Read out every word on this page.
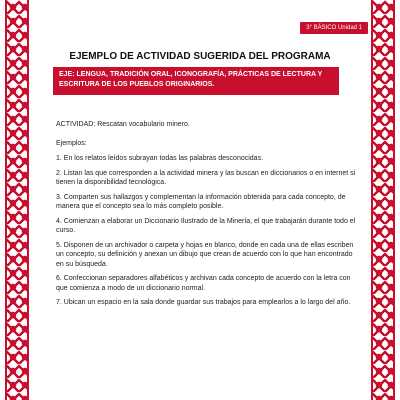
3° BÁSICO Unidad 1
EJEMPLO DE ACTIVIDAD SUGERIDA DEL PROGRAMA
EJE: LENGUA, TRADICIÓN ORAL, ICONOGRAFÍA, PRÁCTICAS DE LECTURA Y ESCRITURA DE LOS PUEBLOS ORIGINARIOS.

ACTIVIDAD: Rescatan vocabulario minero.

Ejemplos:

1. En los relatos leídos subrayan todas las palabras desconocidas.

2. Listan las que corresponden a la actividad minera y las buscan en diccionarios o en internet si tienen la disponibilidad tecnológica.

3. Comparten sus hallazgos y complementan la información obtenida para cada concepto, de manera que el concepto sea lo más completo posible.

4. Comienzan a elaborar un Diccionario Ilustrado de la Minería, el que trabajarán durante todo el curso.

5. Disponen de un archivador o carpeta y hojas en blanco, donde en cada una de ellas escriben un concepto, su definición y anexan un dibujo que crean de acuerdo con lo que han encontrado en su búsqueda.

6. Confeccionan separadores alfabéticos y archivan cada concepto de acuerdo con la letra con que comienza a modo de un diccionario normal.

7. Ubican un espacio en la sala donde guardar sus trabajos para emplearlos a lo largo del año.
